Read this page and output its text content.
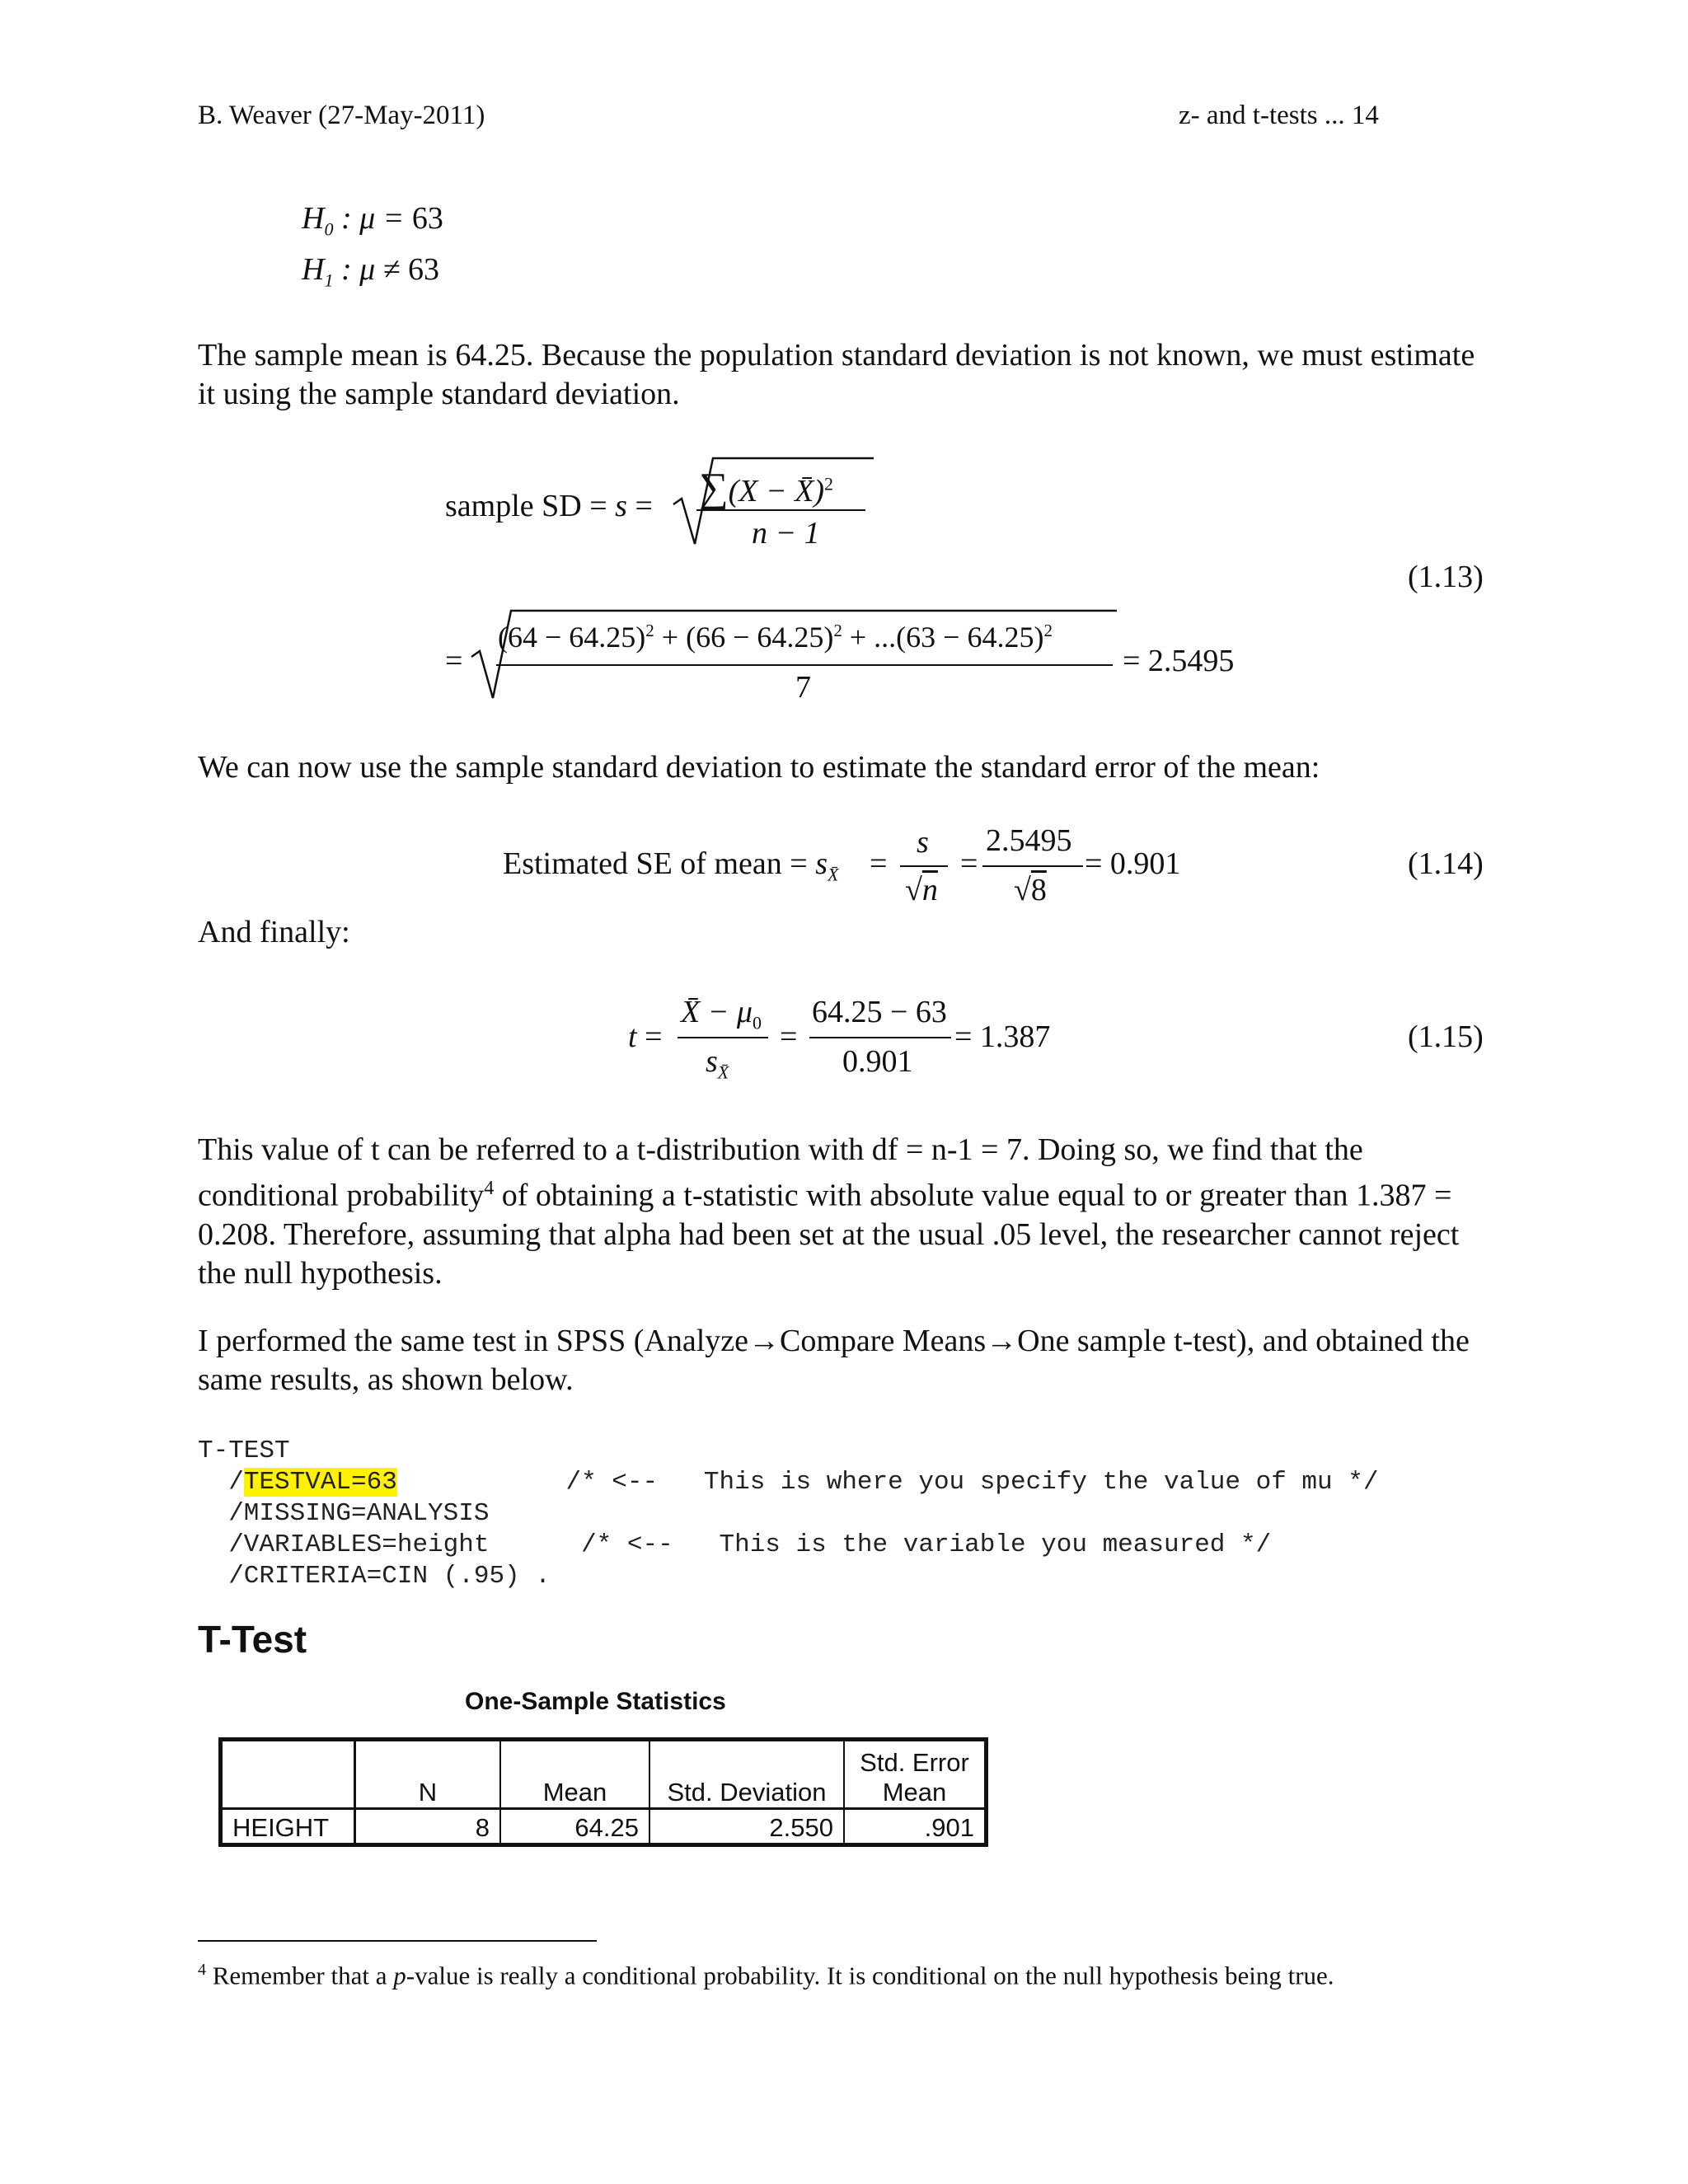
B. Weaver (27-May-2011)	z- and t-tests ... 14
$H_0$ : μ = 63
$H_1$ : μ ≠ 63
The sample mean is 64.25. Because the population standard deviation is not known, we must estimate it using the sample standard deviation.
sample SD = s = ∑(X − X̄)$^2$
n − 1
(1.13)
=
$(64 - 64.25)^2 + (66 - 64.25)^2 + ...(63 - 64.25)^2$
7
= 2.5495
We can now use the sample standard deviation to estimate the standard error of the mean:
Estimated SE of mean = $s_{X̄}$ =
s
√n
=
2.5495
√8
= 0.901	(1.14)
And finally:
t =
X̄ − $\mu_0$
$s_{X̄}$
=
64.25 − 63
0.901
= 1.387	(1.15)
This value of t can be referred to a t-distribution with df = n-1 = 7. Doing so, we find that the conditional probability$^4$ of obtaining a t-statistic with absolute value equal to or greater than 1.387 = 0.208. Therefore, assuming that alpha had been set at the usual .05 level, the researcher cannot reject the null hypothesis.
I performed the same test in SPSS (Analyze→Compare Means→One sample t-test), and obtained the same results, as shown below.
T-TEST
/TESTVAL=63           /* <--   This is where you specify the value of mu */
/MISSING=ANALYSIS
/VARIABLES=height      /* <--   This is the variable you measured */
/CRITERIA=CIN (.95) .
T-Test
One-Sample Statistics
	N	Mean	Std. Deviation	Std. Error Mean
HEIGHT	8	64.25	2.550	.901
$^4$ Remember that a p-value is really a conditional probability. It is conditional on the null hypothesis being true.
